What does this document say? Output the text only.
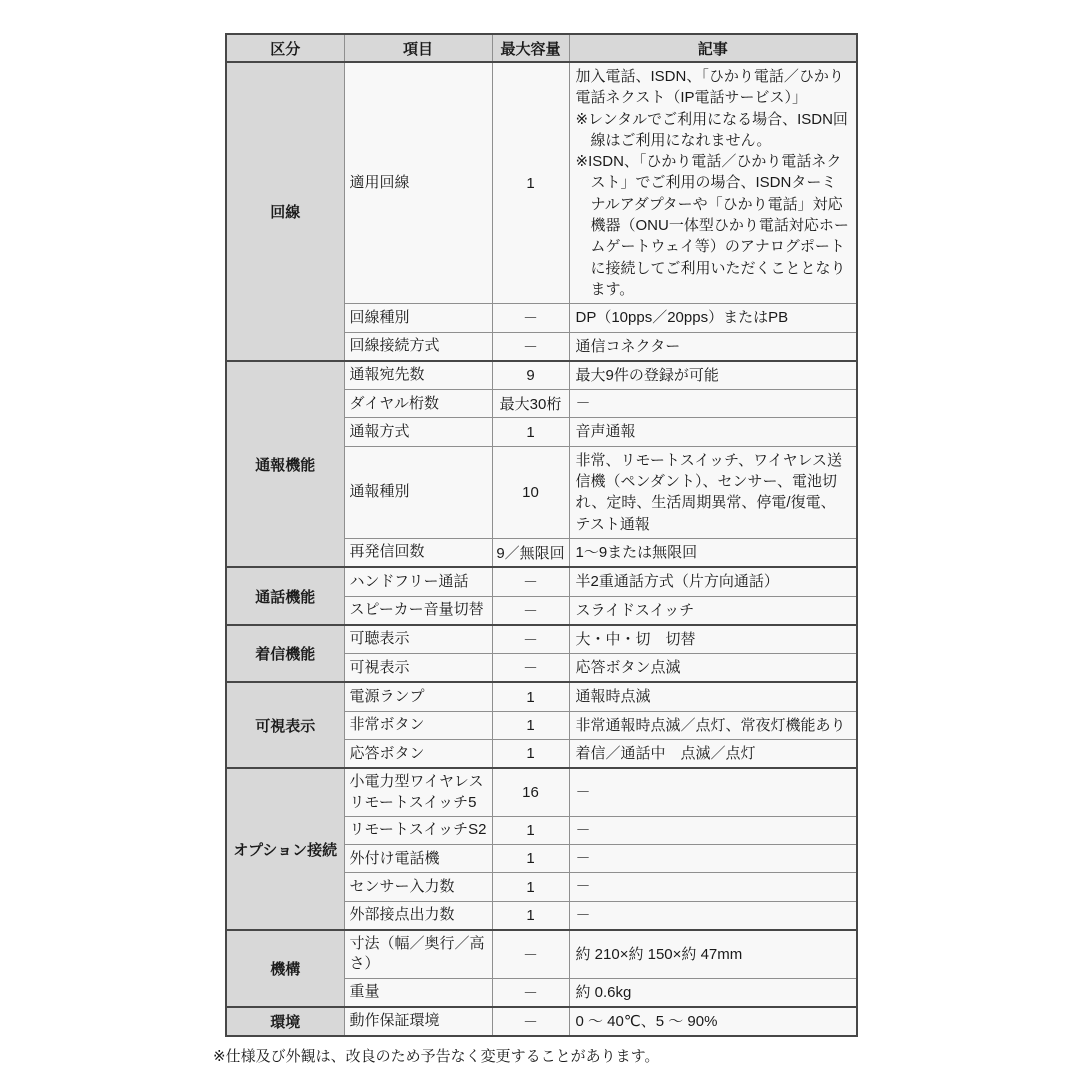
区分	項目	最大容量	記事
回線	適用回線	1	加入電話、ISDN、「ひかり電話／ひかり電話ネクスト（IP電話サービス）」
※レンタルでご利用になる場合、ISDN回線はご利用になれません。
※ISDN、「ひかり電話／ひかり電話ネクスト」でご利用の場合、ISDNターミナルアダプターや「ひかり電話」対応機器（ONU一体型ひかり電話対応ホームゲートウェイ等）のアナログポートに接続してご利用いただくこととなります。

	回線種別	－	DP（10pps／20pps）またはPB
	回線接続方式	－	通信コネクター
通報機能	通報宛先数	9	最大9件の登録が可能
	ダイヤル桁数	最大30桁	－
	通報方式	1	音声通報
	通報種別	10	非常、リモートスイッチ、ワイヤレス送信機（ペンダント）、センサー、電池切れ、定時、生活周期異常、停電/復電、テスト通報
	再発信回数	9／無限回	1～9または無限回
通話機能	ハンドフリー通話	－	半2重通話方式（片方向通話）
	スピーカー音量切替	－	スライドスイッチ
着信機能	可聴表示	－	大・中・切　切替
	可視表示	－	応答ボタン点滅
可視表示	電源ランプ	1	通報時点滅
	非常ボタン	1	非常通報時点滅／点灯、常夜灯機能あり
	応答ボタン	1	着信／通話中　点滅／点灯
オプション接続	小電力型ワイヤレスリモートスイッチ5	16	－
	リモートスイッチS2	1	－
	外付け電話機	1	－
	センサー入力数	1	－
	外部接点出力数	1	－
機構	寸法（幅／奥行／高さ）	－	約 210×約 150×約 47mm
	重量	－	約 0.6kg
環境	動作保証環境	－	0 ～ 40℃、5 ～ 90%
※仕様及び外観は、改良のため予告なく変更することがあります。
